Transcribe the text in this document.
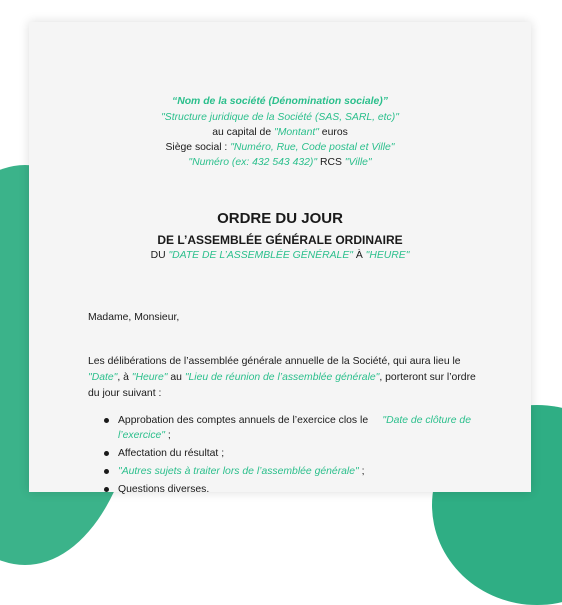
“Nom de la société (Dénomination sociale)”
"Structure juridique de la Société (SAS, SARL, etc)"
au capital de "Montant" euros
Siège social : "Numéro, Rue, Code postal et Ville"
"Numéro (ex: 432 543 432)" RCS "Ville"
ORDRE DU JOUR
DE L’ASSEMBLÉE GÉNÉRALE ORDINAIRE
DU "DATE DE L’ASSEMBLÉE GÉNÉRALE" À "HEURE"
Madame, Monsieur,
Les délibérations de l’assemblée générale annuelle de la Société, qui aura lieu le
"Date" , à "Heure" au "Lieu de réunion de l’assemblée générale" , porteront sur l’ordre
du jour suivant :
Approbation des comptes annuels de l’exercice clos le "Date de clôture de
l’exercice" ;
Affectation du résultat ;
"Autres sujets à traiter lors de l’assemblée générale" ;
Questions diverses.
